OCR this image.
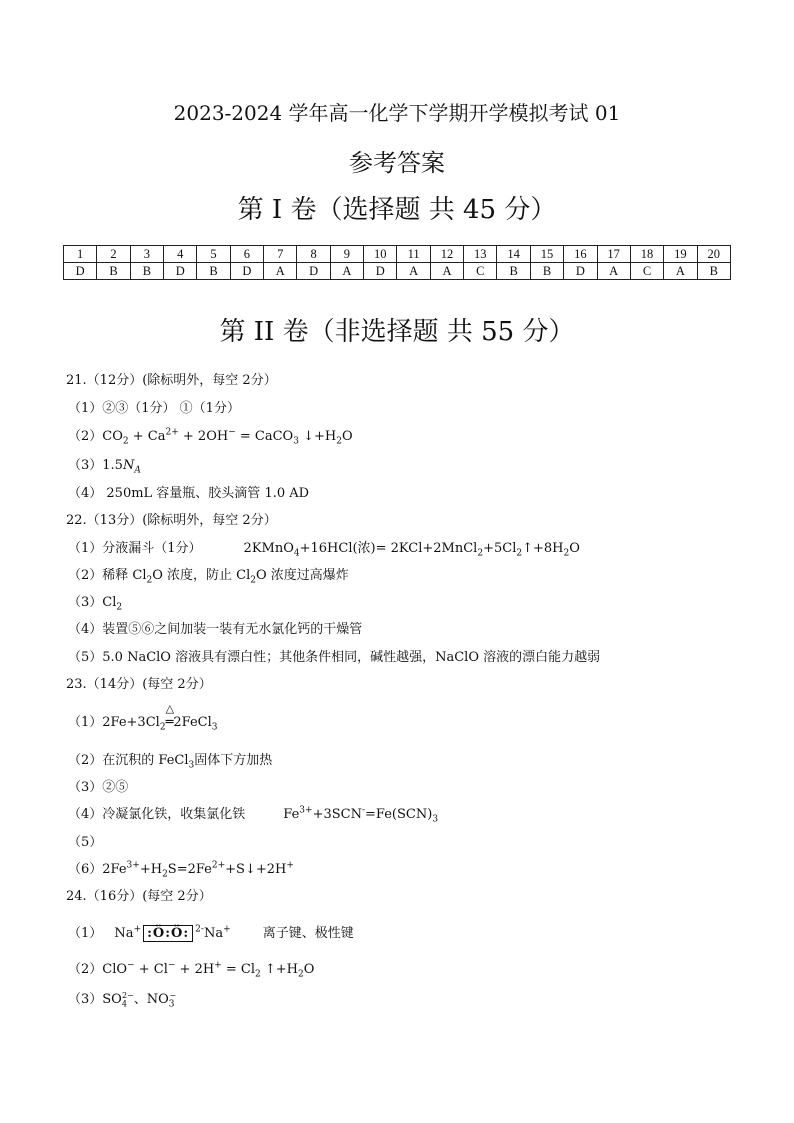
2023-2024 学年高一化学下学期开学模拟考试 01
参考答案
第 I 卷（选择题 共 45 分）
1	2	3	4	5	6	7	8	9	10	11	12	13	14	15	16	17	18	19	20
D	B	B	D	B	D	A	D	A	D	A	A	C	B	B	D	A	C	A	B
第 II 卷（非选择题 共 55 分）
21.（12分）(除标明外，每空 2分）
（1）②③（1分） ①（1分）
$(2)CO_2 + Ca^{2+} + 2OH^-$ = CaCO$_3$ $↓+H_2O$
$(3)1.5N_A$
（4） 250mL 容量瓶、胶头滴管 1.0 AD
22.（13分）(除标明外，每空 2分）
（1）分液漏斗（1分）	2KMnO$_4$+16HCl(浓)= $2KCl+2MnCl_2+5Cl_2↑+8H_2O$
（2）稀释 $Cl_2O$ 浓度，防止 $Cl_2O$ 浓度过高爆炸
$(3)Cl_2$
（4）装置⑤⑥之间加装一装有无水氯化钙的干燥管
（5）5.0 NaClO 溶液具有漂白性；其他条件相同，碱性越强，NaClO 溶液的漂白能力越弱
23.（14分）(每空 2分）
$(1)2Fe+3Cl_2$
△
═2FeCl$_3$
（2）在沉积的 FeCl$_3$固体下方加热
（3）②⑤
（4）冷凝氯化铁，收集氯化铁	$Fe^{3+}+3SCN^-=Fe(SCN)_3$
（5）
$(6)2Fe^{3+}+H_2S=2Fe^{2+}+S↓+2H^+$
24.（16分）(每空 2分）
（1） Na+ :Ö:Ö: $^{2-}$Na+ 离子键、极性键
$(2)ClO^- + Cl^- + 2H^+ = Cl_2$ $↑+H_2O$
$(3)SO_4^{2-}$、$NO_3^-$
